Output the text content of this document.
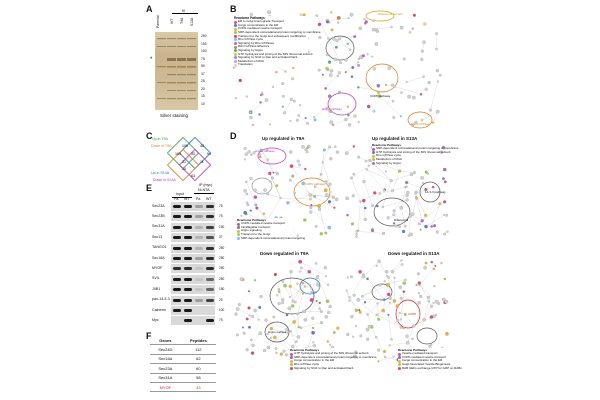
A	KI
Parental	WT T9A S13A
*
250
150
100
75
50
37
25
20
15
10
Silver staining
C Up in T9A
Down in T9A
Up in S13A
Down in S13A
106	48
169	30	94
31	11
14
63
E	IP (myc)
Ni-NTA
Input
Pa WT Pa WT
Sec23A	75
Sec23B	75
Sec31A	150
Sec13	37
TANGO1	250
Sec16A	250
MYOF	250
SVIL	250
JIIB1	150
pan-14-3-3	25
Calnexin	100
Myc	75
F Genes	Peptides
Sec24D	112
Sec16A	62
Sec23A	60
Sec31A	58
MYOF	43
B
Reactome Pathways
ER to Golgi Anterograde Transport
Cargo concentration in the ER
COPII-mediated vesicle transport
SRP-dependent cotranslational protein targeting to membrane
Transport to the Golgi and subsequent modification
Rho GTPase cycle
Signaling by Rho GTPases
RHO GTPase Effectors
Signaling by Hippo
GTP hydrolysis and joining of the 60S ribosomal subunit
Signaling by NGF to Rac and activated Rac1
Metabolism of RNA
Translation
COPII pathway
Hippo pathway
Ribosomal subunit
RHO GTPase
D	Up regulated in T9A	Up regulated in S13A
Down regulated in T9A	Down regulated in S13A
Hippo pathway
COPII pathway
Ribosomal
14-3-3 pathway
Golgi
Hippo pathway
COPII
Reactome Pathways
COPII-mediated vesicle transport
Intraflagellar transport
Hippo signaling
Transport to the Golgi
SRP-dependent cotranslational protein targeting
Reactome Pathways
SRP-dependent cotranslational protein targeting to membrane
GTP hydrolysis and joining of the 60S ribosomal subunit
Rho GTPase cycle
Metabolism of RNA
Signaling by Hippo
Reactome Pathways
GTP hydrolysis and joining of the 60S ribosomal subunit
SRP-dependent cotranslational protein targeting to membrane
Cargo concentration in the ER
Rho GTPase cycle
Signaling by NGF to Rac and activated Rac1
Reactome Pathways
Vesicle-mediated transport
COPII-mediated vesicle transport
Cargo concentration in the ER
Golgi Associated Vesicle Biogenesis
RAB GEFs exchange GTP for GDP on RABs
